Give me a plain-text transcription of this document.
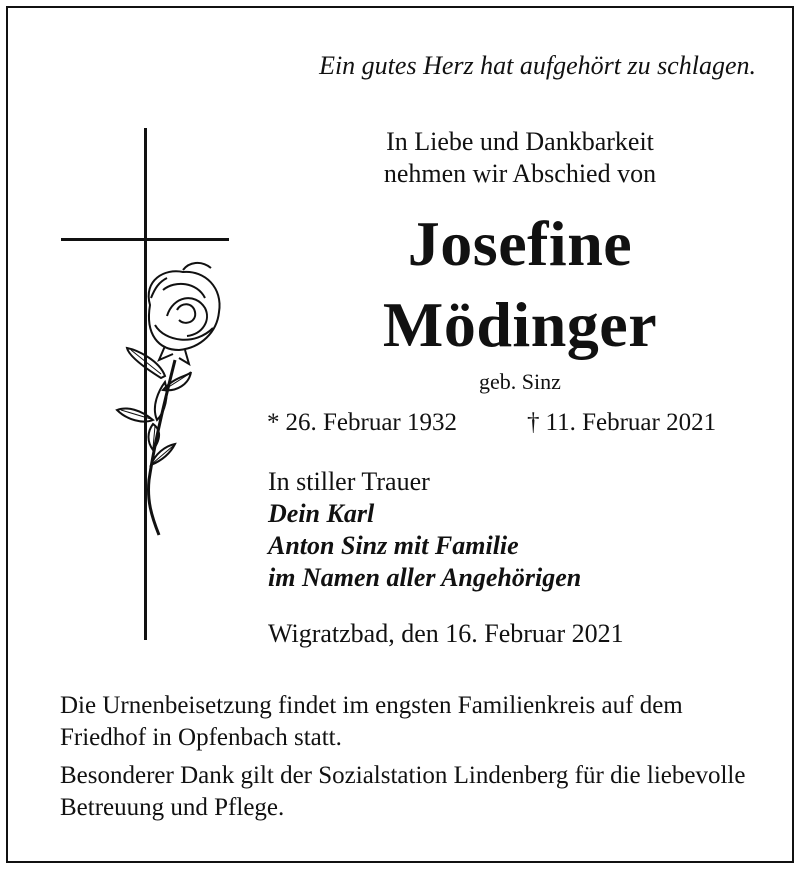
Ein gutes Herz hat aufgehört zu schlagen.
In Liebe und Dankbarkeit
nehmen wir Abschied von
Josefine
Mödinger
geb. Sinz
* 26. Februar 1932	† 11. Februar 2021
In stiller Trauer
Dein Karl
Anton Sinz mit Familie
im Namen aller Angehörigen
Wigratzbad, den 16. Februar 2021
Die Urnenbeisetzung findet im engsten Familienkreis auf dem Friedhof in Opfenbach statt.
Besonderer Dank gilt der Sozialstation Lindenberg für die liebevolle Betreuung und Pflege.
